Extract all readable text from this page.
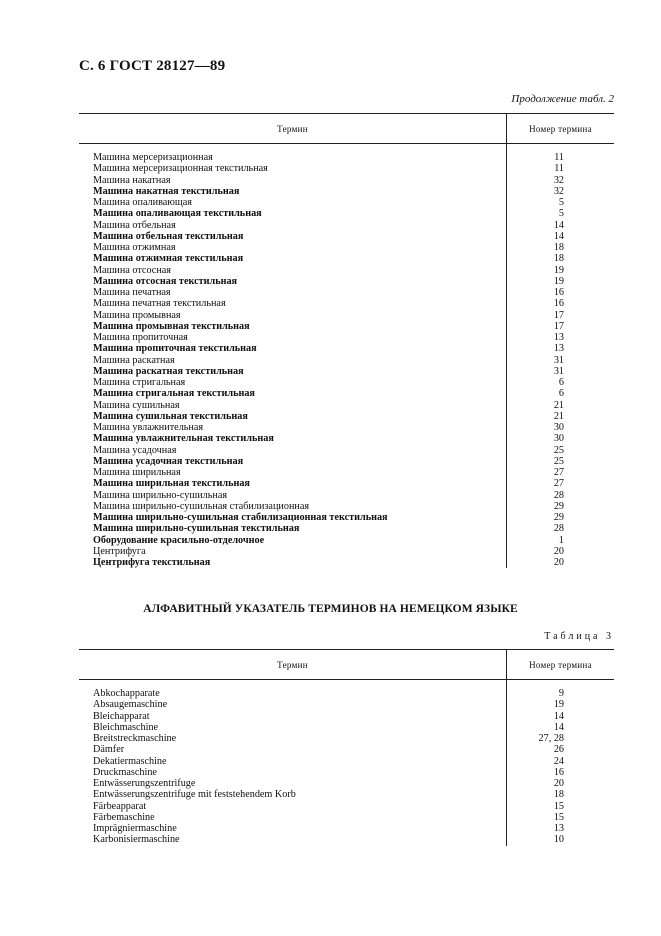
С. 6 ГОСТ 28127—89
Продолжение табл. 2
Термин	Номер термина

Машина мерсеризационная	11
Машина мерсеризационная текстильная	11
Машина накатная	32
Машина накатная текстильная	32
Машина опаливающая	5
Машина опаливающая текстильная	5
Машина отбельная	14
Машина отбельная текстильная	14
Машина отжимная	18
Машина отжимная текстильная	18
Машина отсосная	19
Машина отсосная текстильная	19
Машина печатная	16
Машина печатная текстильная	16
Машина промывная	17
Машина промывная текстильная	17
Машина пропиточная	13
Машина пропиточная текстильная	13
Машина раскатная	31
Машина раскатная текстильная	31
Машина стригальная	6
Машина стригальная текстильная	6
Машина сушильная	21
Машина сушильная текстильная	21
Машина увлажнительная	30
Машина увлажнительная текстильная	30
Машина усадочная	25
Машина усадочная текстильная	25
Машина ширильная	27
Машина ширильная текстильная	27
Машина ширильно-сушильная	28
Машина ширильно-сушильная стабилизационная	29
Машина ширильно-сушильная стабилизационная текстильная	29
Машина ширильно-сушильная текстильная	28
Оборудование красильно-отделочное	1
Центрифуга	20
Центрифуга текстильная	20
АЛФАВИТНЫЙ УКАЗАТЕЛЬ ТЕРМИНОВ НА НЕМЕЦКОМ ЯЗЫКЕ
Таблица 3
Термин	Номер термина

Abkochapparate	9
Absaugemaschine	19
Bleichapparat	14
Bleichmaschine	14
Breitstreckmaschine	27, 28
Dämfer	26
Dekatiermaschine	24
Druckmaschine	16
Entwässerungszentrifuge	20
Entwässerungszentrifuge mit feststehendem Korb	18
Färbeapparat	15
Färbemaschine	15
Imprägniermaschine	13
Karbonisiermaschine	10
